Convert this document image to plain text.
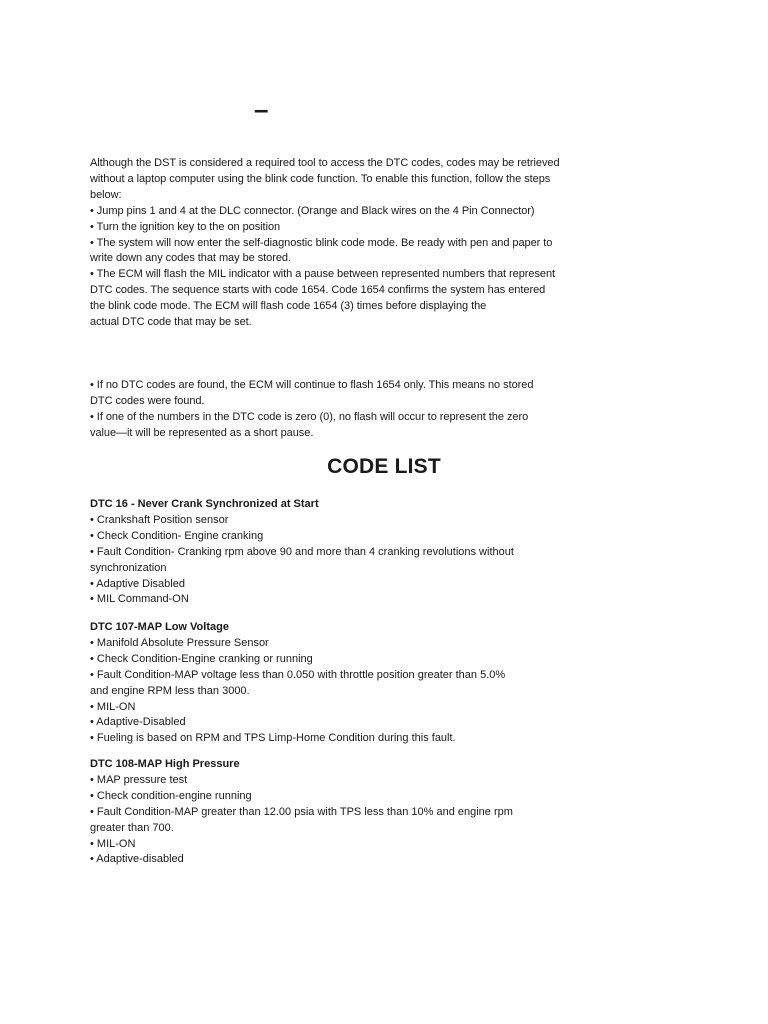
–
Although the DST is considered a required tool to access the DTC codes, codes may be retrieved
without a laptop computer using the blink code function. To enable this function, follow the steps
below:
• Jump pins 1 and 4 at the DLC connector. (Orange and Black wires on the 4 Pin Connector)
• Turn the ignition key to the on position
• The system will now enter the self-diagnostic blink code mode. Be ready with pen and paper to
write down any codes that may be stored.
• The ECM will flash the MIL indicator with a pause between represented numbers that represent
DTC codes. The sequence starts with code 1654. Code 1654 confirms the system has entered
the blink code mode. The ECM will flash code 1654 (3) times before displaying the
actual DTC code that may be set.
• If no DTC codes are found, the ECM will continue to flash 1654 only. This means no stored
DTC codes were found.
• If one of the numbers in the DTC code is zero (0), no flash will occur to represent the zero
value—it will be represented as a short pause.
CODE LIST
DTC 16 - Never Crank Synchronized at Start
• Crankshaft Position sensor
• Check Condition- Engine cranking
• Fault Condition- Cranking rpm above 90 and more than 4 cranking revolutions without
synchronization
• Adaptive Disabled
• MIL Command-ON
DTC 107-MAP Low Voltage
• Manifold Absolute Pressure Sensor
• Check Condition-Engine cranking or running
• Fault Condition-MAP voltage less than 0.050 with throttle position greater than 5.0%
and engine RPM less than 3000.
• MIL-ON
• Adaptive-Disabled
• Fueling is based on RPM and TPS Limp-Home Condition during this fault.
DTC 108-MAP High Pressure
• MAP pressure test
• Check condition-engine running
• Fault Condition-MAP greater than 12.00 psia with TPS less than 10% and engine rpm
greater than 700.
• MIL-ON
• Adaptive-disabled
